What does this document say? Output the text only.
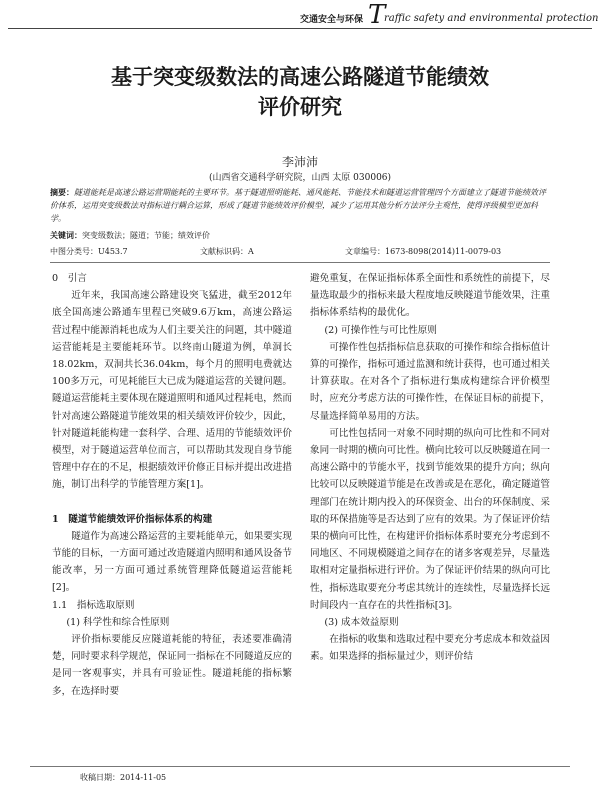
交通安全与环保 T
raffic safety and environmental protection
基于突变级数法的高速公路隧道节能绩效
评价研究
李沛沛
(山西省交通科学研究院，山西 太原 030006)
摘要：隧道能耗是高速公路运营期能耗的主要环节。基于隧道照明能耗、通风能耗、节能技术和隧道运营管理四个方面建立了隧道节能绩效评价体系，运用突变级数法对指标进行耦合运算，形成了隧道节能绩效评价模型，减少了运用其他分析方法评分主观性，使得评级模型更加科学。
关键词：突变级数法；隧道；节能；绩效评价
中图分类号：U453.7	文献标识码：A	文章编号：1673-8098(2014)11-0079-03
0　引言

近年来，我国高速公路建设突飞猛进，截至2012年底全国高速公路通车里程已突破9.6万km，高速公路运营过程中能源消耗也成为人们主要关注的问题，其中隧道运营能耗是主要能耗环节。以终南山隧道为例，单洞长18.02km，双洞共长36.04km，每个月的照明电费就达100多万元，可见耗能巨大已成为隧道运营的关键问题。隧道运营能耗主要体现在隧道照明和通风过程耗电，然而针对高速公路隧道节能效果的相关绩效评价较少，因此，针对隧道耗能构建一套科学、合理、适用的节能绩效评价模型，对于隧道运营单位而言，可以帮助其发现自身节能管理中存在的不足，根据绩效评价修正目标并提出改进措施，制订出科学的节能管理方案[1]。

1　隧道节能绩效评价指标体系的构建

隧道作为高速公路运营的主要耗能单元，如果要实现节能的目标，一方面可通过改造隧道内照明和通风设备节能改率，另一方面可通过系统管理降低隧道运营能耗[2]。

1.1　指标选取原则
(1) 科学性和综合性原则

评价指标要能反应隧道耗能的特征，表述要准确清楚，同时要求科学规范，保证同一指标在不同隧道反应的是同一客观事实，并具有可验证性。隧道耗能的指标繁多，在选择时要

避免重复，在保证指标体系全面性和系统性的前提下，尽量选取最少的指标来最大程度地反映隧道节能效果，注重指标体系结构的最优化。

(2) 可操作性与可比性原则

可操作性包括指标信息获取的可操作和综合指标值计算的可操作，指标可通过监测和统计获得，也可通过相关计算获取。在对各个了指标进行集成构建综合评价模型时，应充分考虑方法的可操作性，在保证目标的前提下，尽量选择简单易用的方法。

可比性包括同一对象不同时期的纵向可比性和不同对象同一时期的横向可比性。横向比较可以反映隧道在同一高速公路中的节能水平，找到节能效果的提升方向；纵向比较可以反映隧道节能是在改善或是在恶化，确定隧道管理部门在统计期内投入的环保资金、出台的环保制度、采取的环保措施等是否达到了应有的效果。为了保证评价结果的横向可比性，在构建评价指标体系时要充分考虑到不同地区、不同规模隧道之间存在的诸多客观差异，尽量选取相对定量指标进行评价。为了保证评价结果的纵向可比性，指标选取要充分考虑其统计的连续性，尽量选择长远时间段内一直存在的共性指标[3]。

(3) 成本效益原则

在指标的收集和选取过程中要充分考虑成本和效益因素。如果选择的指标量过少，则评价结

收稿日期：2014-11-05
